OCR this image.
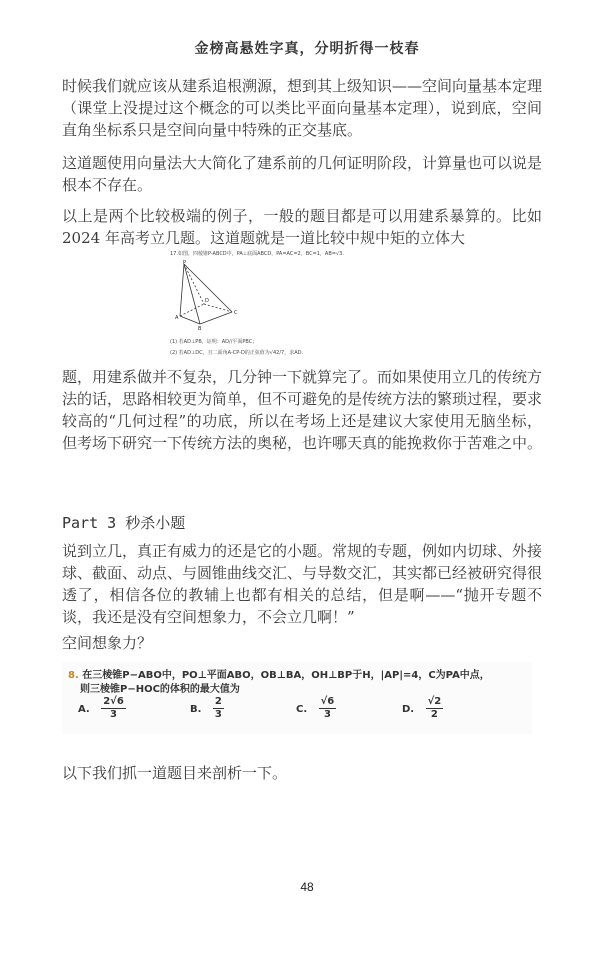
金榜高悬姓字真，分明折得一枝春
时候我们就应该从建系追根溯源，想到其上级知识——空间向量基本定理（课堂上没提过这个概念的可以类比平面向量基本定理），说到底，空间直角坐标系只是空间向量中特殊的正交基底。
这道题使用向量法大大简化了建系前的几何证明阶段，计算量也可以说是根本不存在。
以上是两个比较极端的例子，一般的题目都是可以用建系暴算的。比如 2024 年高考立几题。这道题就是一道比较中规中矩的立体大
17.如图，四棱锥P-ABCD中，PA⊥底面ABCD，PA=AC=2，BC=1，AB=√3.
P
A
B
C
D
(1) 若AD⊥PB，证明：AD//平面PBC；
(2) 若AD⊥DC，且二面角A-CP-D的正弦值为√42/7，求AD.
题，用建系做并不复杂，几分钟一下就算完了。而如果使用立几的传统方法的话，思路相较更为简单，但不可避免的是传统方法的繁琐过程，要求较高的“几何过程”的功底，所以在考场上还是建议大家使用无脑坐标，但考场下研究一下传统方法的奥秘，也许哪天真的能挽救你于苦难之中。
Part 3 秒杀小题
说到立几，真正有威力的还是它的小题。常规的专题，例如内切球、外接球、截面、动点、与圆锥曲线交汇、与导数交汇，其实都已经被研究得很透了，相信各位的教辅上也都有相关的总结，但是啊——“抛开专题不谈，我还是没有空间想象力，不会立几啊！”
空间想象力？
8. 在三棱锥P−ABO中，PO⊥平面ABO，OB⊥BA，OH⊥BP于H，|AP|=4，C为PA中点，
则三棱锥P−HOC的体积的最大值为
A. $\frac{2√6}{3}$	B. $\frac{2}{3}$	C. $\frac{√6}{3}$	D. $\frac{√2}{2}$
以下我们抓一道题目来剖析一下。
48
